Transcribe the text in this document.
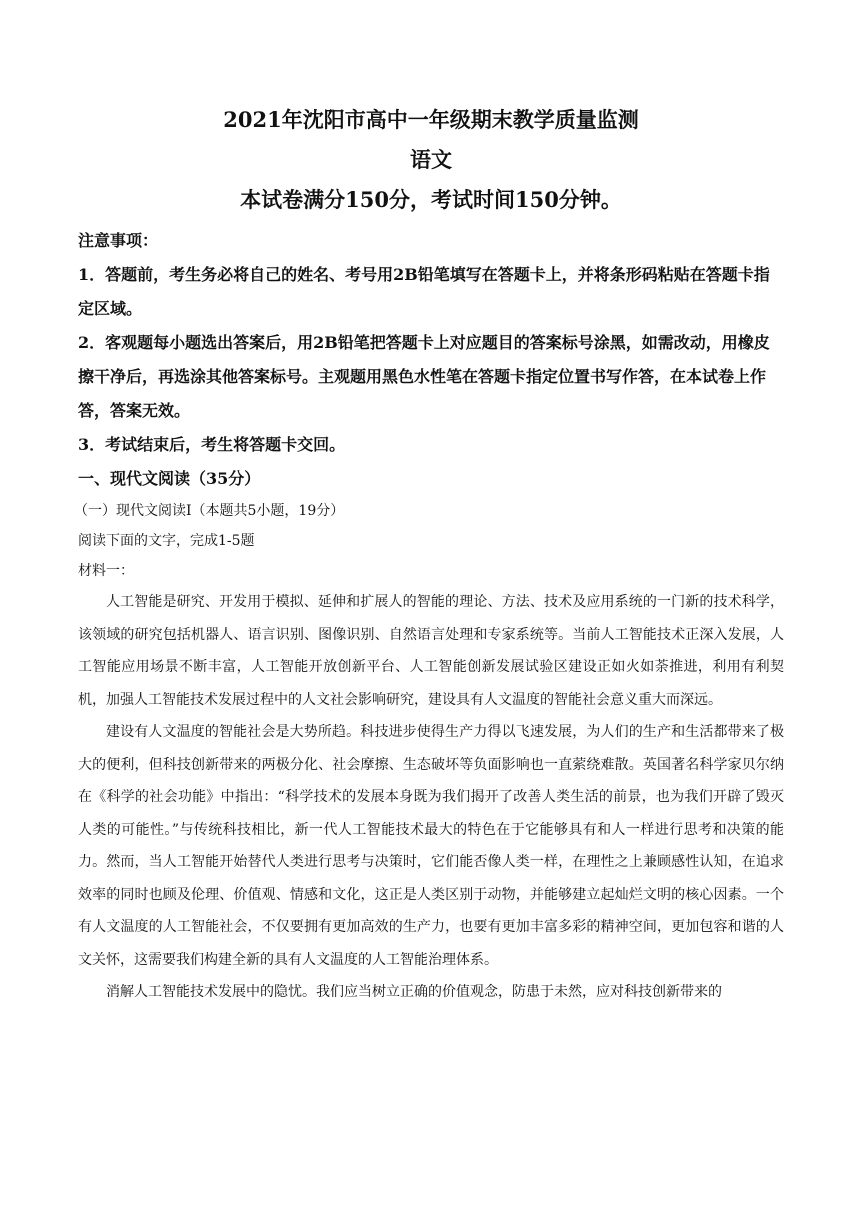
2021年沈阳市高中一年级期末教学质量监测
语文
本试卷满分150分，考试时间150分钟。

注意事项：

1．答题前，考生务必将自己的姓名、考号用2B铅笔填写在答题卡上，并将条形码粘贴在答题卡指定区域。

2．客观题每小题选出答案后，用2B铅笔把答题卡上对应题目的答案标号涂黑，如需改动，用橡皮擦干净后，再选涂其他答案标号。主观题用黑色水性笔在答题卡指定位置书写作答，在本试卷上作答，答案无效。

3．考试结束后，考生将答题卡交回。

一、现代文阅读（35分）

（一）现代文阅读Ⅰ（本题共5小题，19分）

阅读下面的文字，完成1-5题

材料一：

人工智能是研究、开发用于模拟、延伸和扩展人的智能的理论、方法、技术及应用系统的一门新的技术科学，该领域的研究包括机器人、语言识别、图像识别、自然语言处理和专家系统等。当前人工智能技术正深入发展，人工智能应用场景不断丰富，人工智能开放创新平台、人工智能创新发展试验区建设正如火如荼推进，利用有利契机，加强人工智能技术发展过程中的人文社会影响研究，建设具有人文温度的智能社会意义重大而深远。

建设有人文温度的智能社会是大势所趋。科技进步使得生产力得以飞速发展，为人们的生产和生活都带来了极大的便利，但科技创新带来的两极分化、社会摩擦、生态破坏等负面影响也一直萦绕难散。英国著名科学家贝尔纳在《科学的社会功能》中指出：“科学技术的发展本身既为我们揭开了改善人类生活的前景，也为我们开辟了毁灭人类的可能性。”与传统科技相比，新一代人工智能技术最大的特色在于它能够具有和人一样进行思考和决策的能力。然而，当人工智能开始替代人类进行思考与决策时，它们能否像人类一样，在理性之上兼顾感性认知，在追求效率的同时也顾及伦理、价值观、情感和文化，这正是人类区别于动物，并能够建立起灿烂文明的核心因素。一个有人文温度的人工智能社会，不仅要拥有更加高效的生产力，也要有更加丰富多彩的精神空间，更加包容和谐的人文关怀，这需要我们构建全新的具有人文温度的人工智能治理体系。

消解人工智能技术发展中的隐忧。我们应当树立正确的价值观念，防患于未然，应对科技创新带来的
